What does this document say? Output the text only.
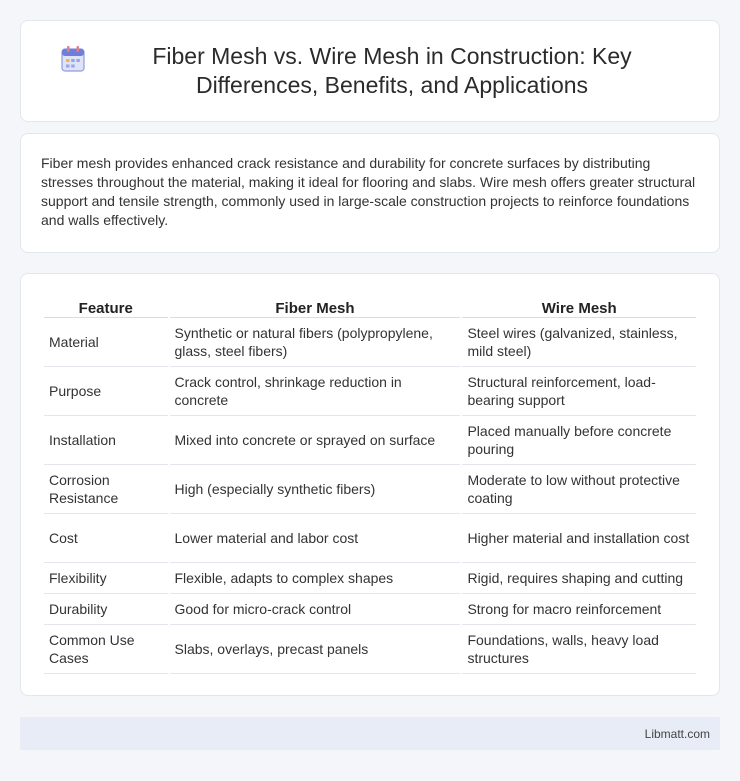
Fiber Mesh vs. Wire Mesh in Construction: Key Differences, Benefits, and Applications

Fiber mesh provides enhanced crack resistance and durability for concrete surfaces by distributing stresses throughout the material, making it ideal for flooring and slabs. Wire mesh offers greater structural support and tensile strength, commonly used in large-scale construction projects to reinforce foundations and walls effectively.

Feature	Fiber Mesh	Wire Mesh
Material	Synthetic or natural fibers (polypropylene, glass, steel fibers)	Steel wires (galvanized, stainless, mild steel)
Purpose	Crack control, shrinkage reduction in concrete	Structural reinforcement, load-bearing support
Installation	Mixed into concrete or sprayed on surface	Placed manually before concrete pouring
Corrosion Resistance	High (especially synthetic fibers)	Moderate to low without protective coating
Cost	Lower material and labor cost	Higher material and installation cost
Flexibility	Flexible, adapts to complex shapes	Rigid, requires shaping and cutting
Durability	Good for micro-crack control	Strong for macro reinforcement
Common Use Cases	Slabs, overlays, precast panels	Foundations, walls, heavy load structures
Libmatt.com
